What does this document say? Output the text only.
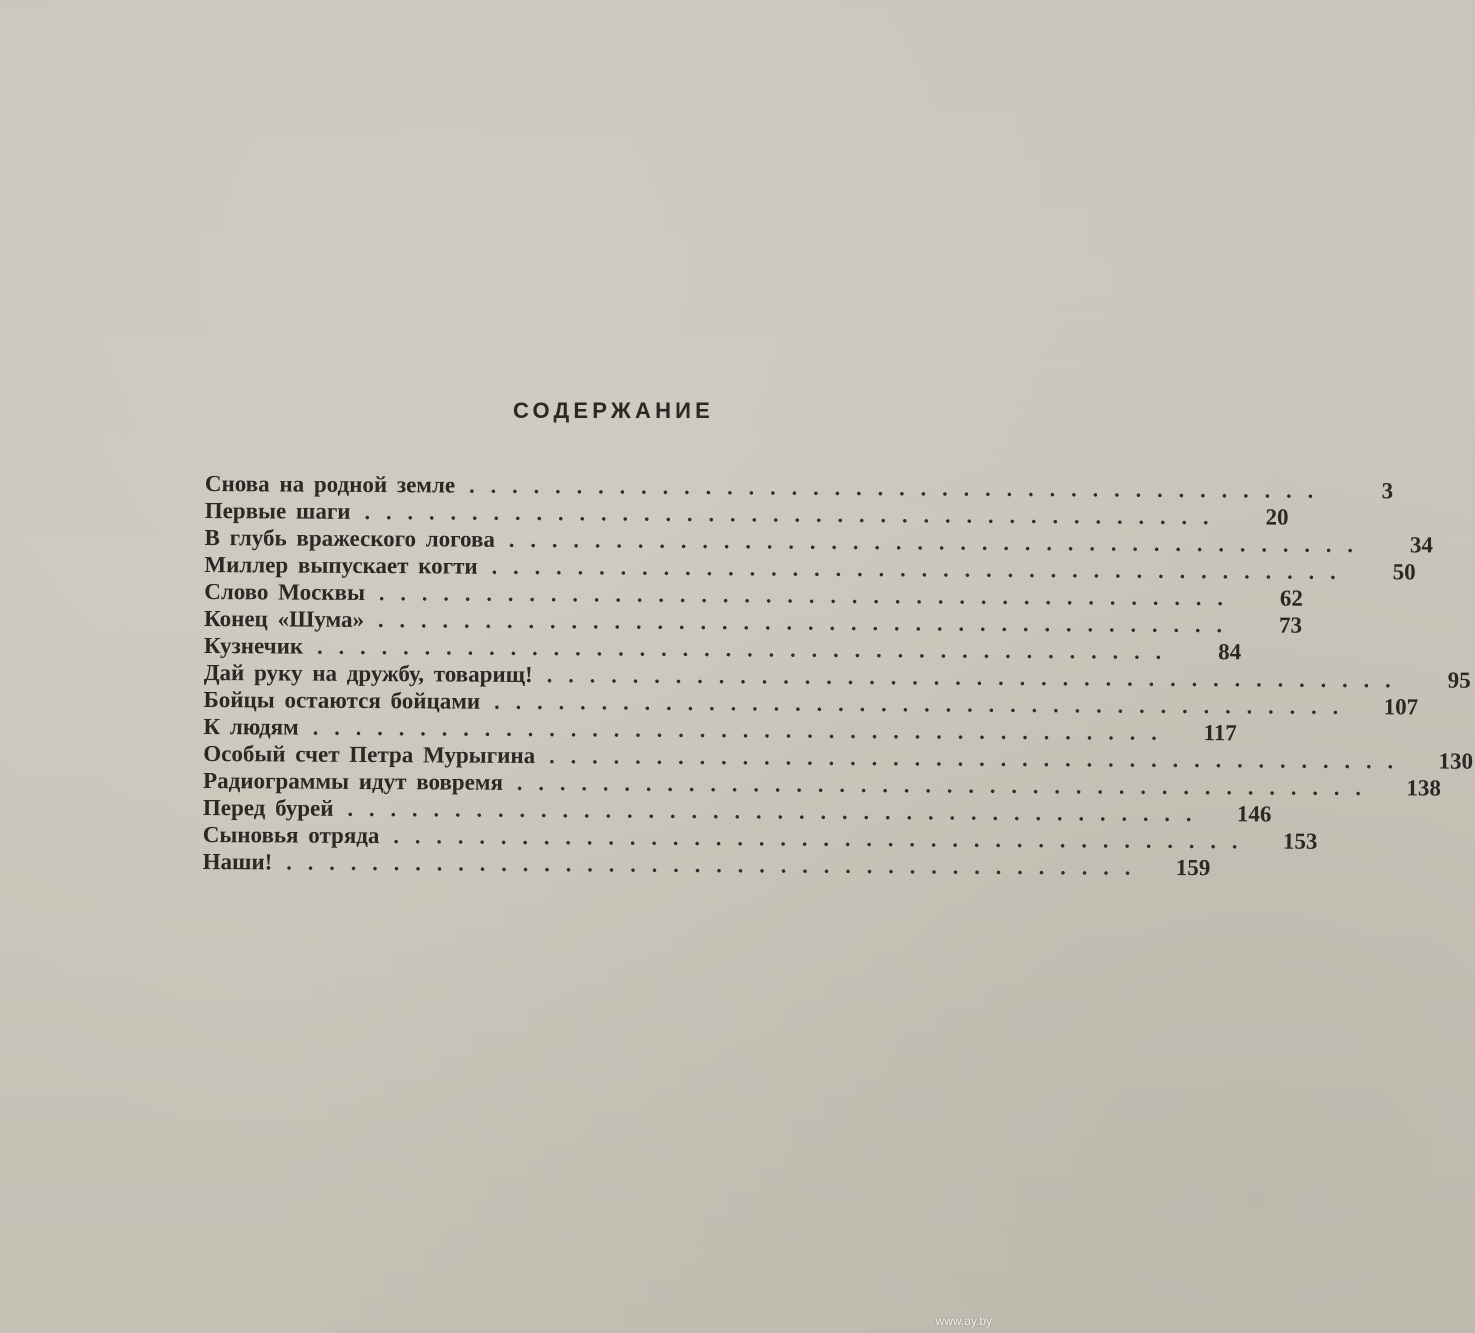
СОДЕРЖАНИЕ
Снова на родной земле ........................................	3
Первые шаги ........................................	20
В глубь вражеского логова ........................................	34
Миллер выпускает когти ........................................	50
Слово Москвы ........................................	62
Конец «Шума» ........................................	73
Кузнечик ........................................	84
Дай руку на дружбу, товарищ! ........................................	95
Бойцы остаются бойцами ........................................	107
К людям ........................................	117
Особый счет Петра Мурыгина ........................................	130
Радиограммы идут вовремя ........................................	138
Перед бурей ........................................	146
Сыновья отряда ........................................	153
Наши! ........................................	159
www.ay.by
